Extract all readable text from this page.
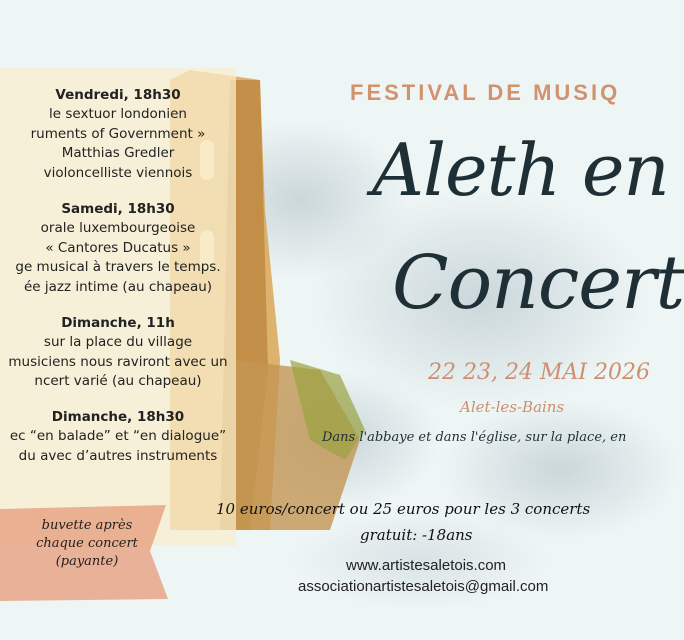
Vendredi, 18h30
le sextuor londonien
ruments of Government »
Matthias Gredler
violoncelliste viennois
Samedi, 18h30
orale luxembourgeoise
« Cantores Ducatus »
ge musical à travers le temps.
ée jazz intime (au chapeau)
Dimanche, 11h
sur la place du village
musiciens nous raviront avec un
ncert varié (au chapeau)
Dimanche, 18h30
ec “en balade” et “en dialogue”
du avec d’autres instruments
buvette après
chaque concert
(payante)
FESTIVAL DE MUSIQ
Aleth en
Concert
22 23, 24 MAI 2026
Alet-les-Bains
Dans l'abbaye et dans l'église, sur la place, en
10 euros/concert ou 25 euros pour les 3 concerts
gratuit: -18ans
www.artistesaletois.com
associationartistesaletois@gmail.com
